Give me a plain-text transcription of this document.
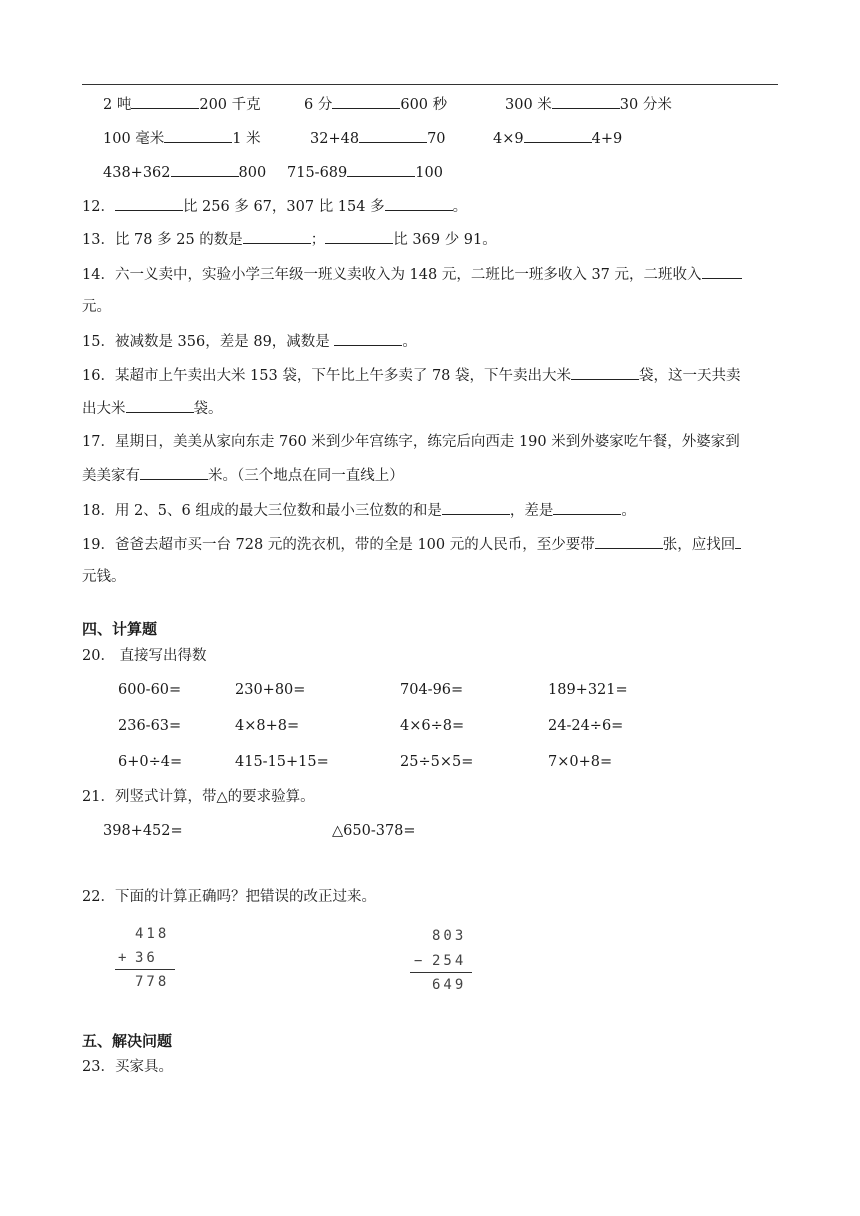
2 吨	200 千克	6 分	600 秒	300 米	30 分米
100 毫米	1 米	32+48	70	4×9	4+9
438+362	800 715-689	100
12．	比 256 多 67，307 比 154 多	。
13．比 78 多 25 的数是	；	比 369 少 91。
14．六一义卖中，实验小学三年级一班义卖收入为 148 元，二班比一班多收入 37 元，二班收入
元。
15．被减数是 356，差是 89，减数是	。
16．某超市上午卖出大米 153 袋，下午比上午多卖了 78 袋，下午卖出大米	袋，这一天共卖
出大米	袋。
17．星期日，美美从家向东走 760 米到少年宫练字，练完后向西走 190 米到外婆家吃午餐，外婆家到
美美家有	米。（三个地点在同一直线上）
18．用 2、5、6 组成的最大三位数和最小三位数的和是	，差是	。
19．爸爸去超市买一台 728 元的洗衣机，带的全是 100 元的人民币，至少要带	张，应找回
元钱。
四、计算题
20． 直接写出得数
600-60=	230+80=	704-96=	189+321=
236-63=	4×8+8=	4×6÷8=	24-24÷6=
6+0÷4=	415-15+15=	25÷5×5=	7×0+8=
21．列竖式计算，带△的要求验算。
398+452=	△650-378=
22．下面的计算正确吗？把错误的改正过来。
418
+ 36
778
803
− 254
649
五、解决问题
23．买家具。
